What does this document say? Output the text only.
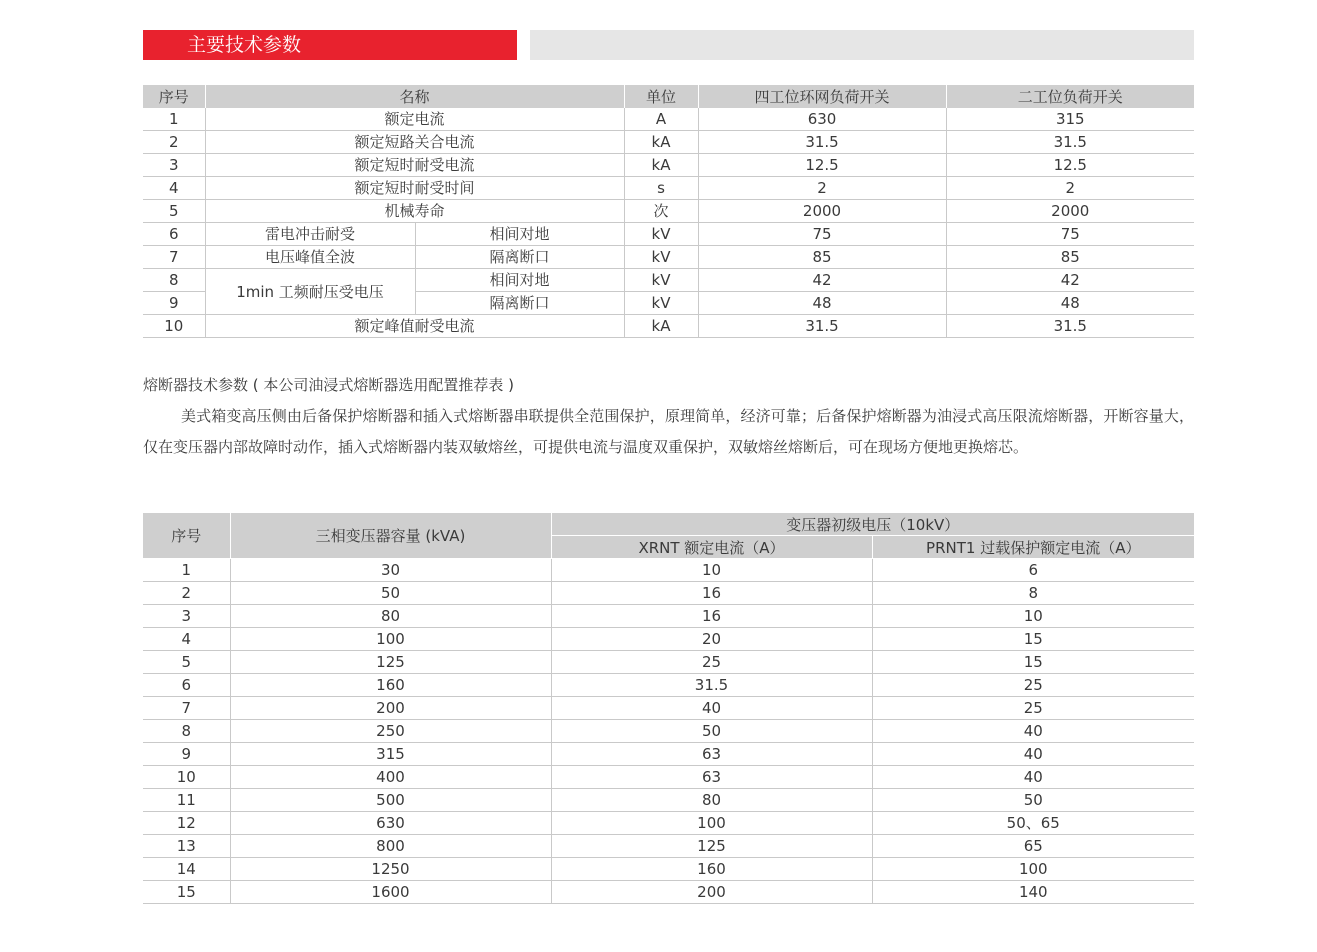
主要技术参数
序号	名称		单位	四工位环网负荷开关	二工位负荷开关
1	额定电流		A	630	315
2	额定短路关合电流		kA	31.5	31.5
3	额定短时耐受电流		kA	12.5	12.5
4	额定短时耐受时间		s	2	2
5	机械寿命		次	2000	2000
6	雷电冲击耐受	相间对地	kV	75	75
7	电压峰值全波	隔离断口	kV	85	85
8	1min 工频耐压受电压	相间对地	kV	42	42
9		隔离断口	kV	48	48
10	额定峰值耐受电流		kA	31.5	31.5
熔断器技术参数 ( 本公司油浸式熔断器选用配置推荐表 )
美式箱变高压侧由后备保护熔断器和插入式熔断器串联提供全范围保护，原理简单，经济可靠；后备保护熔断器为油浸式高压限流熔断器，开断容量大，仅在变压器内部故障时动作，插入式熔断器内装双敏熔丝，可提供电流与温度双重保护，双敏熔丝熔断后，可在现场方便地更换熔芯。
序号	三相变压器容量 (kVA)	变压器初级电压（10kV）	
		XRNT 额定电流（A）	PRNT1 过载保护额定电流（A）
1	30	10	6
2	50	16	8
3	80	16	10
4	100	20	15
5	125	25	15
6	160	31.5	25
7	200	40	25
8	250	50	40
9	315	63	40
10	400	63	40
11	500	80	50
12	630	100	50、65
13	800	125	65
14	1250	160	100
15	1600	200	140
